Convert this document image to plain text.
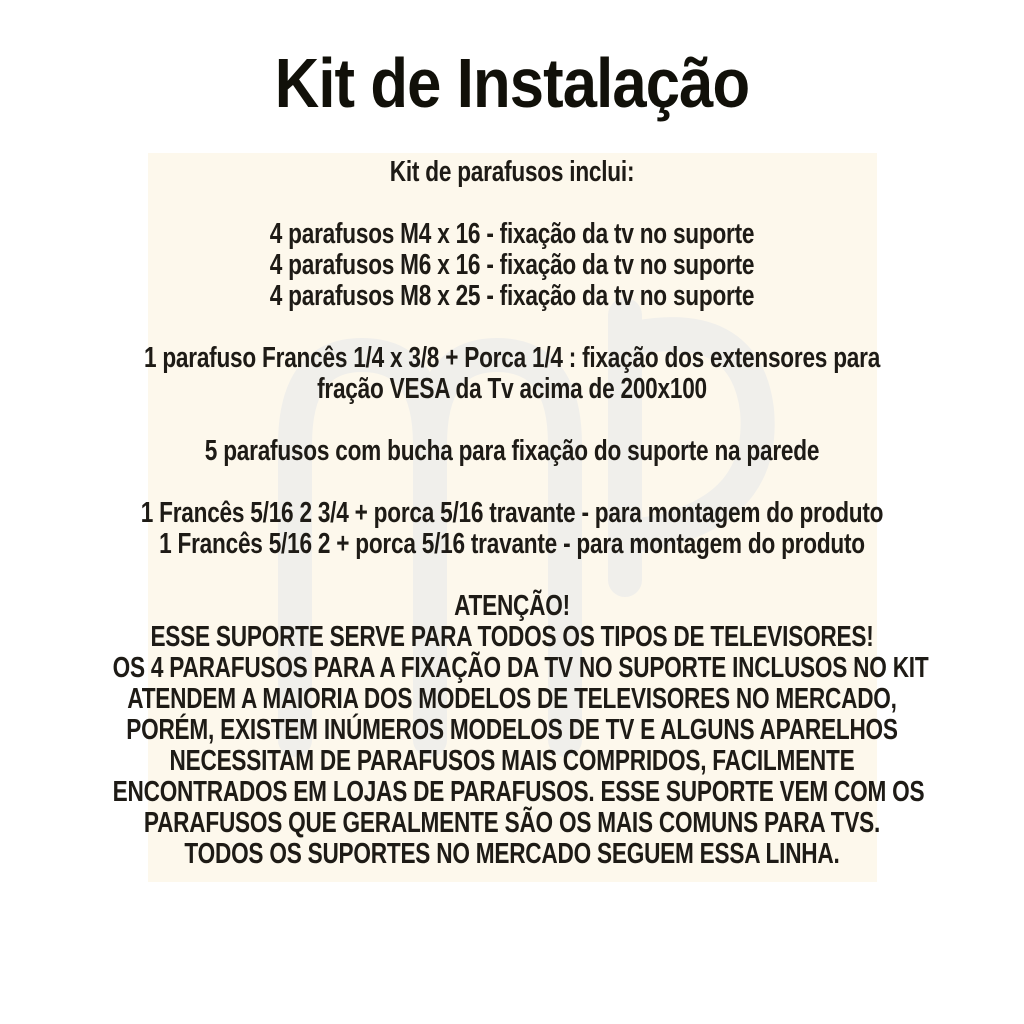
Kit de Instalação
Kit de parafusos inclui:
4 parafusos M4 x 16 - fixação da tv no suporte
4 parafusos M6 x 16 - fixação da tv no suporte
4 parafusos M8 x 25 - fixação da tv no suporte
1 parafuso Francês 1/4 x 3/8 + Porca 1/4 : fixação dos extensores para
fração VESA da Tv acima de 200x100
5 parafusos com bucha para fixação do suporte na parede
1 Francês 5/16 2 3/4 + porca 5/16 travante - para montagem do produto
1 Francês 5/16 2 + porca 5/16 travante - para montagem do produto
ATENÇÃO!
ESSE SUPORTE SERVE PARA TODOS OS TIPOS DE TELEVISORES!
OS 4 PARAFUSOS PARA A FIXAÇÃO DA TV NO SUPORTE INCLUSOS NO KIT
ATENDEM A MAIORIA DOS MODELOS DE TELEVISORES NO MERCADO,
PORÉM, EXISTEM INÚMEROS MODELOS DE TV E ALGUNS APARELHOS
NECESSITAM DE PARAFUSOS MAIS COMPRIDOS, FACILMENTE
ENCONTRADOS EM LOJAS DE PARAFUSOS. ESSE SUPORTE VEM COM OS
PARAFUSOS QUE GERALMENTE SÃO OS MAIS COMUNS PARA TVS.
TODOS OS SUPORTES NO MERCADO SEGUEM ESSA LINHA.
